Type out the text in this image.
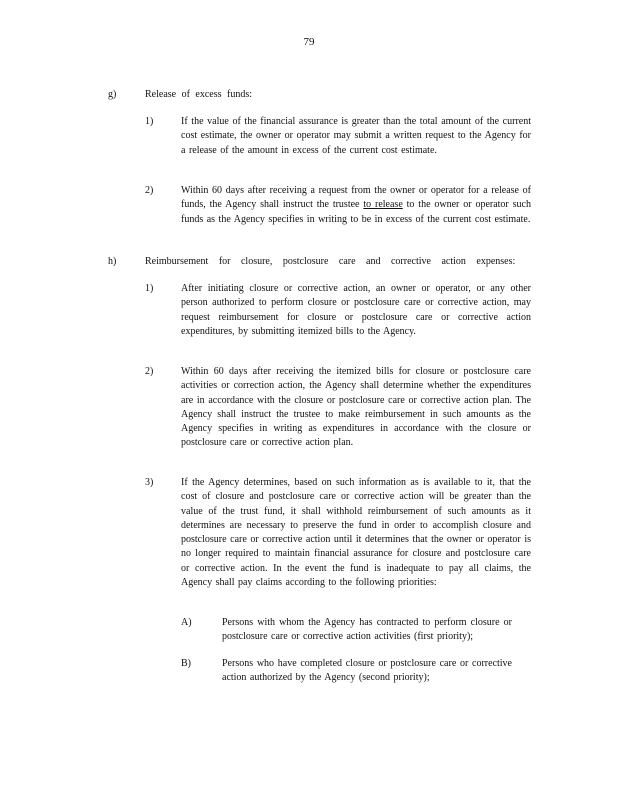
79
g)	Release of excess funds:
1)	If the value of the financial assurance is greater than the total amount of the current cost estimate, the owner or operator may submit a written request to the Agency for a release of the amount in excess of the current cost estimate.
2)	Within 60 days after receiving a request from the owner or operator for a release of funds, the Agency shall instruct the trustee to release to the owner or operator such funds as the Agency specifies in writing to be in excess of the current cost estimate.
h)	Reimbursement for closure, postclosure care and corrective action expenses:
1)	After initiating closure or corrective action, an owner or operator, or any other person authorized to perform closure or postclosure care or corrective action, may request reimbursement for closure or postclosure care or corrective action expenditures, by submitting itemized bills to the Agency.
2)	Within 60 days after receiving the itemized bills for closure or postclosure care activities or correction action, the Agency shall determine whether the expenditures are in accordance with the closure or postclosure care or corrective action plan. The Agency shall instruct the trustee to make reimbursement in such amounts as the Agency specifies in writing as expenditures in accordance with the closure or postclosure care or corrective action plan.
3)	If the Agency determines, based on such information as is available to it, that the cost of closure and postclosure care or corrective action will be greater than the value of the trust fund, it shall withhold reimbursement of such amounts as it determines are necessary to preserve the fund in order to accomplish closure and postclosure care or corrective action until it determines that the owner or operator is no longer required to maintain financial assurance for closure and postclosure care or corrective action. In the event the fund is inadequate to pay all claims, the Agency shall pay claims according to the following priorities:
A)	Persons with whom the Agency has contracted to perform closure or postclosure care or corrective action activities (first priority);
B)	Persons who have completed closure or postclosure care or corrective action authorized by the Agency (second priority);
